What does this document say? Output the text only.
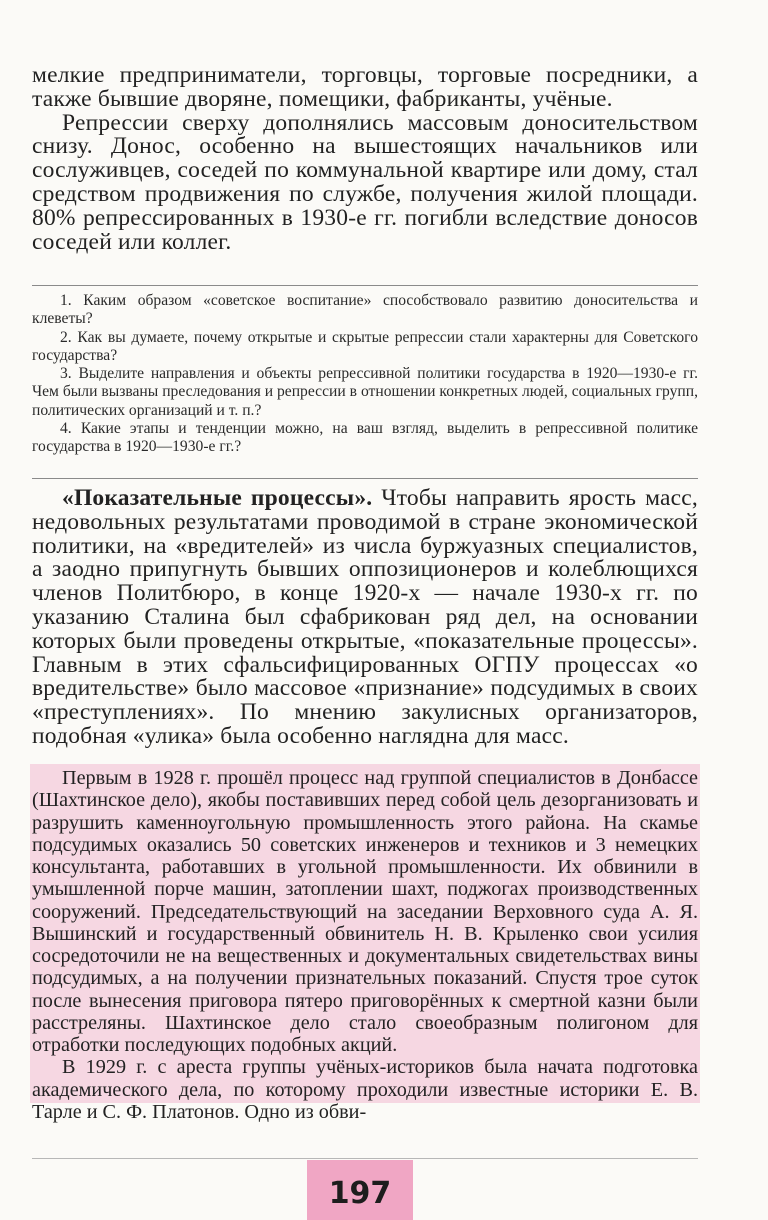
мелкие предприниматели, торговцы, торговые посредники, а также бывшие дворяне, помещики, фабриканты, учёные.

Репрессии сверху дополнялись массовым доносительством снизу. Донос, особенно на вышестоящих начальников или сослуживцев, соседей по коммунальной квартире или дому, стал средством продвижения по службе, получения жилой площади. 80% репрессированных в 1930-е гг. погибли вследствие доносов соседей или коллег.

1. Каким образом «советское воспитание» способствовало развитию доносительства и клеветы?

2. Как вы думаете, почему открытые и скрытые репрессии стали характерны для Советского государства?

3. Выделите направления и объекты репрессивной политики государства в 1920—1930-е гг. Чем были вызваны преследования и репрессии в отношении конкретных людей, социальных групп, политических организаций и т. п.?

4. Какие этапы и тенденции можно, на ваш взгляд, выделить в репрессивной политике государства в 1920—1930-е гг.?

«Показательные процессы». Чтобы направить ярость масс, недовольных результатами проводимой в стране экономической политики, на «вредителей» из числа буржуазных специалистов, а заодно припугнуть бывших оппозиционеров и колеблющихся членов Политбюро, в конце 1920-х — начале 1930-х гг. по указанию Сталина был сфабрикован ряд дел, на основании которых были проведены открытые, «показательные процессы». Главным в этих сфальсифицированных ОГПУ процессах «о вредительстве» было массовое «признание» подсудимых в своих «преступлениях». По мнению закулисных организаторов, подобная «улика» была особенно наглядна для масс.

Первым в 1928 г. прошёл процесс над группой специалистов в Донбассе (Шахтинское дело), якобы поставивших перед собой цель дезорганизовать и разрушить каменноугольную промышленность этого района. На скамье подсудимых оказались 50 советских инженеров и техников и 3 немецких консультанта, работавших в угольной промышленности. Их обвинили в умышленной порче машин, затоплении шахт, поджогах производственных сооружений. Председательствующий на заседании Верховного суда А. Я. Вышинский и государственный обвинитель Н. В. Крыленко свои усилия сосредоточили не на вещественных и документальных свидетельствах вины подсудимых, а на получении признательных показаний. Спустя трое суток после вынесения приговора пятеро приговорённых к смертной казни были расстреляны. Шахтинское дело стало своеобразным полигоном для отработки последующих подобных акций.

В 1929 г. с ареста группы учёных-историков была начата подготовка академического дела, по которому проходили известные историки Е. В. Тарле и С. Ф. Платонов. Одно из обви-

197
